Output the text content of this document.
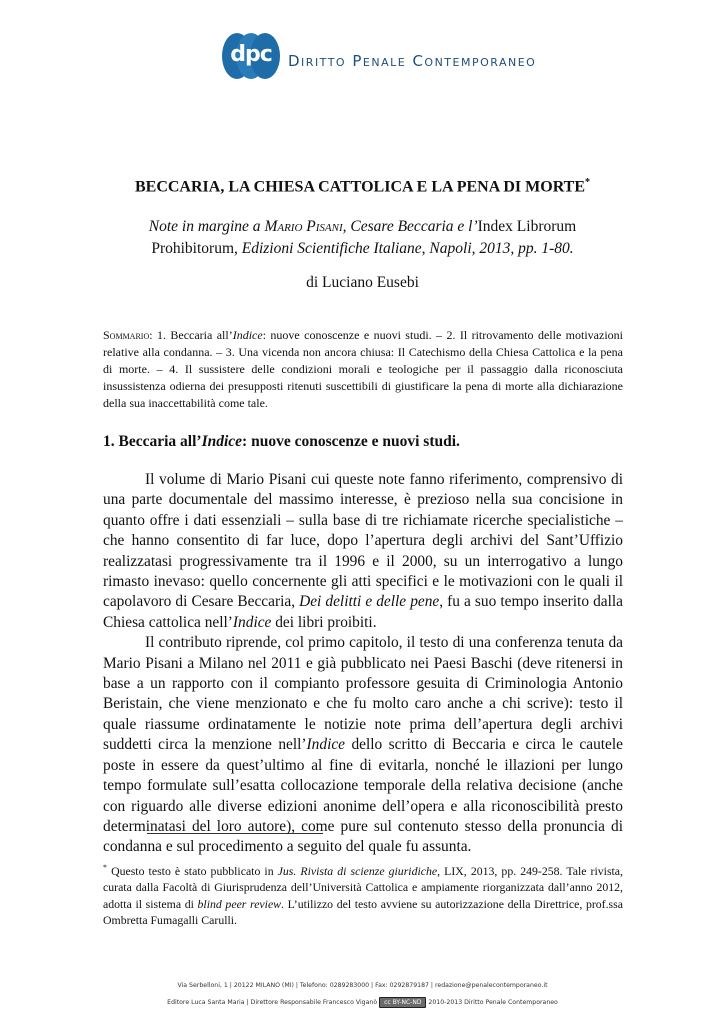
dpc	Diritto Penale Contemporaneo
BECCARIA, LA CHIESA CATTOLICA E LA PENA DI MORTE*
Note in margine a Mario Pisani, Cesare Beccaria e l’Index Librorum Prohibitorum, Edizioni Scientifiche Italiane, Napoli, 2013, pp. 1-80.
di Luciano Eusebi
Sommario: 1. Beccaria all’Indice: nuove conoscenze e nuovi studi. – 2. Il ritrovamento delle motivazioni relative alla condanna. – 3. Una vicenda non ancora chiusa: Il Catechismo della Chiesa Cattolica e la pena di morte. – 4. Il sussistere delle condizioni morali e teologiche per il passaggio dalla riconosciuta insussistenza odierna dei presupposti ritenuti suscettibili di giustificare la pena di morte alla dichiarazione della sua inaccettabilità come tale.
1. Beccaria all’Indice: nuove conoscenze e nuovi studi.

Il volume di Mario Pisani cui queste note fanno riferimento, comprensivo di una parte documentale del massimo interesse, è prezioso nella sua concisione in quanto offre i dati essenziali – sulla base di tre richiamate ricerche specialistiche – che hanno consentito di far luce, dopo l’apertura degli archivi del Sant’Uffizio realizzatasi progressivamente tra il 1996 e il 2000, su un interrogativo a lungo rimasto inevaso: quello concernente gli atti specifici e le motivazioni con le quali il capolavoro di Cesare Beccaria, Dei delitti e delle pene, fu a suo tempo inserito dalla Chiesa cattolica nell’Indice dei libri proibiti.

Il contributo riprende, col primo capitolo, il testo di una conferenza tenuta da Mario Pisani a Milano nel 2011 e già pubblicato nei Paesi Baschi (deve ritenersi in base a un rapporto con il compianto professore gesuita di Criminologia Antonio Beristain, che viene menzionato e che fu molto caro anche a chi scrive): testo il quale riassume ordinatamente le notizie note prima dell’apertura degli archivi suddetti circa la menzione nell’Indice dello scritto di Beccaria e circa le cautele poste in essere da quest’ultimo al fine di evitarla, nonché le illazioni per lungo tempo formulate sull’esatta collocazione temporale della relativa decisione (anche con riguardo alle diverse edizioni anonime dell’opera e alla riconoscibilità presto determinatasi del loro autore), come pure sul contenuto stesso della pronuncia di condanna e sul procedimento a seguito del quale fu assunta.

* Questo testo è stato pubblicato in Jus. Rivista di scienze giuridiche, LIX, 2013, pp. 249-258. Tale rivista, curata dalla Facoltà di Giurisprudenza dell’Università Cattolica e ampiamente riorganizzata dall’anno 2012, adotta il sistema di blind peer review. L’utilizzo del testo avviene su autorizzazione della Direttrice, prof.ssa Ombretta Fumagalli Carulli.
Via Serbelloni, 1 | 20122 MILANO (MI) | Telefono: 0289283000 | Fax: 0292879187 | redazione@penalecontemporaneo.it
Editore Luca Santa Maria | Direttore Responsabile Francesco Viganò cc BY-NC-ND 2010-2013 Diritto Penale Contemporaneo
